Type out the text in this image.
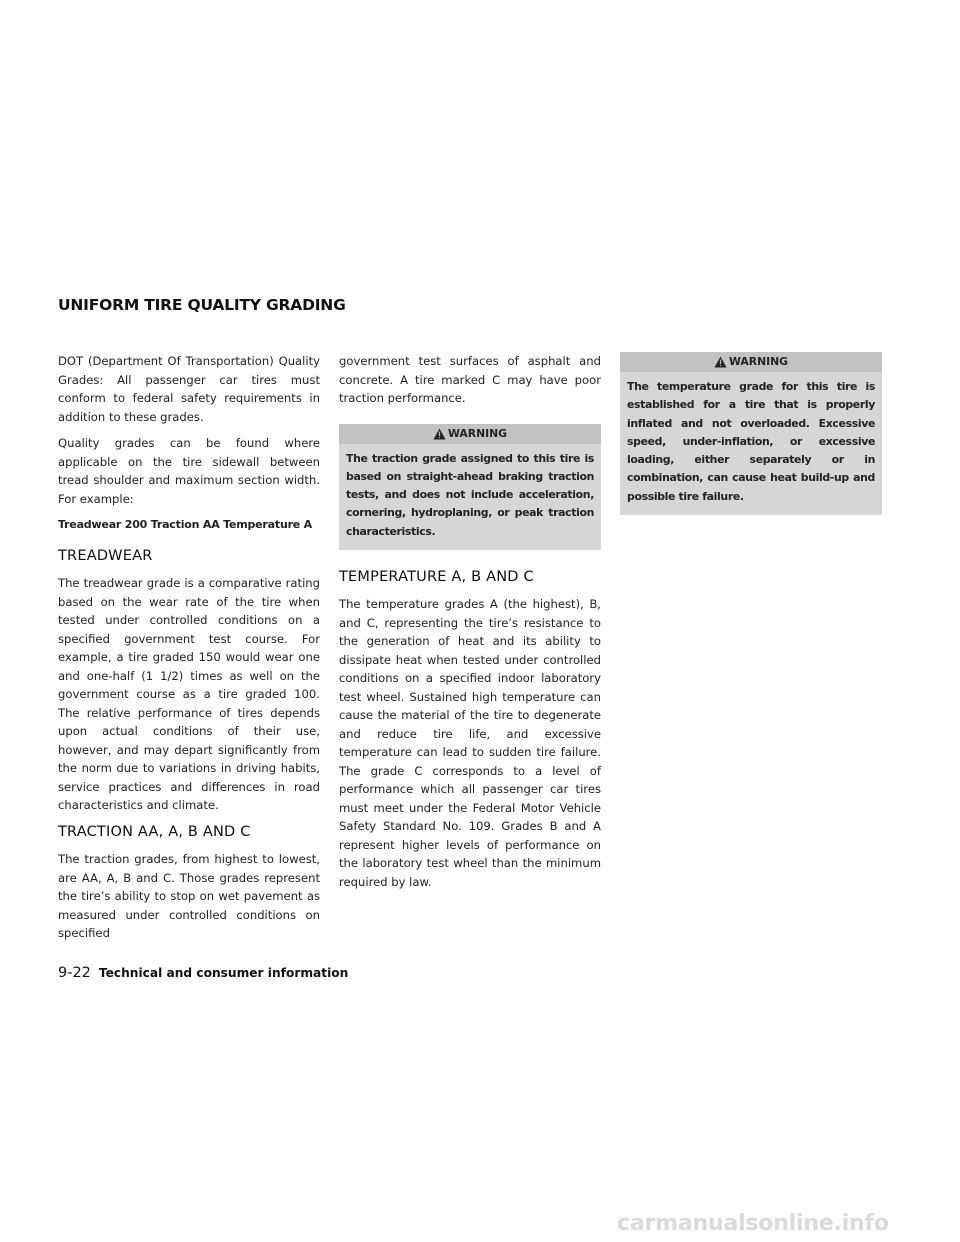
UNIFORM TIRE QUALITY GRADING

DOT (Department Of Transportation) Quality Grades: All passenger car tires must conform to federal safety requirements in addition to these grades.

Quality grades can be found where applicable on the tire sidewall between tread shoulder and maximum section width. For example:

Treadwear 200 Traction AA Temperature A

TREADWEAR

The treadwear grade is a comparative rating based on the wear rate of the tire when tested under controlled conditions on a specified government test course. For example, a tire graded 150 would wear one and one-half (1 1/2) times as well on the government course as a tire graded 100. The relative performance of tires depends upon actual conditions of their use, however, and may depart significantly from the norm due to variations in driving habits, service practices and differences in road characteristics and climate.

TRACTION AA, A, B AND C

The traction grades, from highest to lowest, are AA, A, B and C. Those grades represent the tire’s ability to stop on wet pavement as measured under controlled conditions on specified

government test surfaces of asphalt and concrete. A tire marked C may have poor traction performance.

WARNING
The traction grade assigned to this tire is based on straight-ahead braking traction tests, and does not include acceleration, cornering, hydroplaning, or peak traction characteristics.
TEMPERATURE A, B AND C

The temperature grades A (the highest), B, and C, representing the tire’s resistance to the generation of heat and its ability to dissipate heat when tested under controlled conditions on a specified indoor laboratory test wheel. Sustained high temperature can cause the material of the tire to degenerate and reduce tire life, and excessive temperature can lead to sudden tire failure. The grade C corresponds to a level of performance which all passenger car tires must meet under the Federal Motor Vehicle Safety Standard No. 109. Grades B and A represent higher levels of performance on the laboratory test wheel than the minimum required by law.

WARNING
The temperature grade for this tire is established for a tire that is properly inflated and not overloaded. Excessive speed, under-inflation, or excessive loading, either separately or in combination, can cause heat build-up and possible tire failure.
9-22 Technical and consumer information
carmanualsonline.info
